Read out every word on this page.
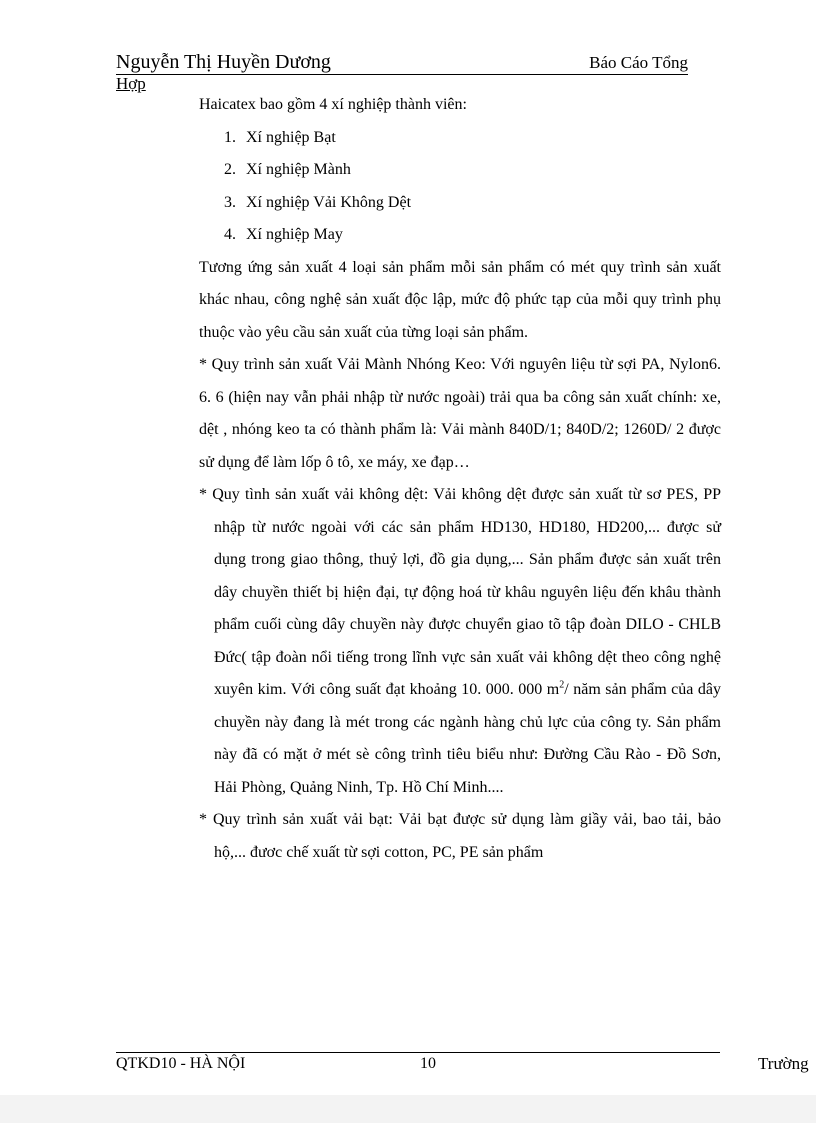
Nguyễn Thị Huyền Dương	Báo Cáo Tổng
Hợp

Haicatex bao gồm 4 xí nghiệp thành viên:

1. Xí nghiệp Bạt
2. Xí nghiệp Mành
3. Xí nghiệp Vải Không Dệt
4. Xí nghiệp May

Tương ứng sản xuất 4 loại sản phẩm mỗi sản phẩm có mét quy trình sản xuất khác nhau, công nghệ sản xuất độc lập, mức độ phức tạp của mỗi quy trình phụ thuộc vào yêu cầu sản xuất của từng loại sản phẩm.

* Quy trình sản xuất Vải Mành Nhóng Keo: Với nguyên liệu từ sợi PA, Nylon6. 6. 6 (hiện nay vẫn phải nhập từ nước ngoài) trải qua ba công sản xuất chính: xe, dệt , nhóng keo ta có thành phẩm là: Vải mành 840D/1; 840D/2; 1260D/ 2 được sử dụng để làm lốp ô tô, xe máy, xe đạp…

* Quy tình sản xuất vải không dệt: Vải không dệt được sản xuất từ sơ PES, PP nhập từ nước ngoài với các sản phẩm HD130, HD180, HD200,... được sử dụng trong giao thông, thuỷ lợi, đồ gia dụng,... Sản phẩm được sản xuất trên dây chuyền thiết bị hiện đại, tự động hoá từ khâu nguyên liệu đến khâu thành phẩm cuối cùng dây chuyền này được chuyển giao tõ tập đoàn DILO - CHLB Đức( tập đoàn nổi tiếng trong lĩnh vực sản xuất vải không dệt theo công nghệ xuyên kim. Với công suất đạt khoảng 10. 000. 000 $m^2/$ năm sản phẩm của dây chuyền này đang là mét trong các ngành hàng chủ lực của công ty. Sản phẩm này đã có mặt ở mét sè công trình tiêu biểu như: Đường Cầu Rào - Đồ Sơn, Hải Phòng, Quảng Ninh, Tp. Hồ Chí Minh....

* Quy trình sản xuất vải bạt: Vải bạt được sử dụng làm giầy vải, bao tải, bảo hộ,... đươc chế xuất từ sợi cotton, PC, PE sản phẩm

QTKD10 - HÀ NỘI	10	Trường
